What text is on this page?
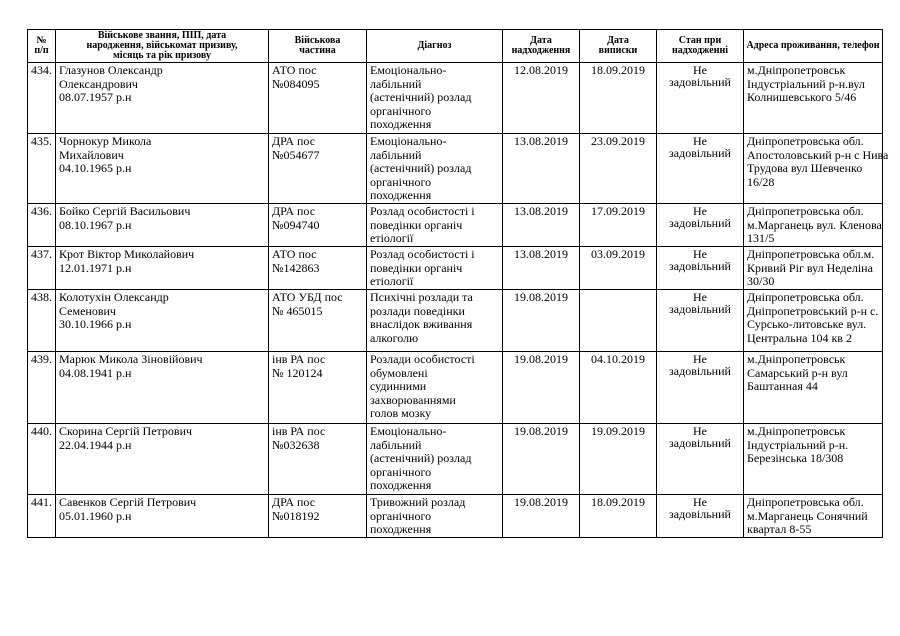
№
п/п	Військове звання, ПІП, дата
народження, військомат призиву,
місяць та рік призову	Військова
частина	Діагноз	Дата
надходження	Дата
виписки	Стан при
надходженні	Адреса проживання, телефон

434.	Глазунов Олександр
Олександрович
08.07.1957 р.н	АТО пос
№084095	Емоціонально-
лабільний
(астенічний) розлад
органічного
походження	12.08.2019	18.09.2019	Не
задовільний	м.Дніпропетровськ
Індустріальний р-н.вул
Колнишевського 5/46

435.	Чорнокур Микола
Михайлович
04.10.1965 р.н	ДРА пос
№054677	Емоціонально-
лабільний
(астенічний) розлад
органічного
походження	13.08.2019	23.09.2019	Не
задовільний	Дніпропетровська обл.
Апостоловський р-н с Нива
Трудова вул Шевченко
16/28

436.	Бойко Сергій Васильович
08.10.1967 р.н	ДРА пос
№094740	Розлад особистості і
поведінки органіч
етіології	13.08.2019	17.09.2019	Не
задовільний	Дніпропетровська обл.
м.Марганець вул. Кленова
131/5

437.	Крот Віктор Миколайович
12.01.1971 р.н	АТО пос
№142863	Розлад особистості і
поведінки органіч
етіології	13.08.2019	03.09.2019	Не
задовільний	Дніпропетровська обл.м.
Кривий Ріг вул Неделіна
30/30

438.	Колотухін Олександр
Семенович
30.10.1966 р.н	АТО УБД пос
№ 465015	Психічні розлади та
розлади поведінки
внаслідок вживання
алкоголю	19.08.2019		Не
задовільний	Дніпропетровська обл.
Дніпропетровський р-н с.
Сурсько-литовське вул.
Центральна 104 кв 2

439.	Марюк Микола Зіновійович
04.08.1941 р.н	інв РА пос
№ 120124	Розлади особистості
обумовлені
судинними
захворюваннями
голов мозку	19.08.2019	04.10.2019	Не
задовільний	м.Дніпропетровськ
Самарський р-н вул
Баштанная 44

440.	Скорина Сергій Петрович
22.04.1944 р.н	інв РА пос
№032638	Емоціонально-
лабільний
(астенічний) розлад
органічного
походження	19.08.2019	19.09.2019	Не
задовільний	м.Дніпропетровськ
Індустріальний р-н.
Березінська 18/308

441.	Савенков Сергій Петрович
05.01.1960 р.н	ДРА пос
№018192	Тривожний розлад
органічного
походження	19.08.2019	18.09.2019	Не
задовільний	Дніпропетровська обл.
м.Марганець Сонячний
квартал 8-55
